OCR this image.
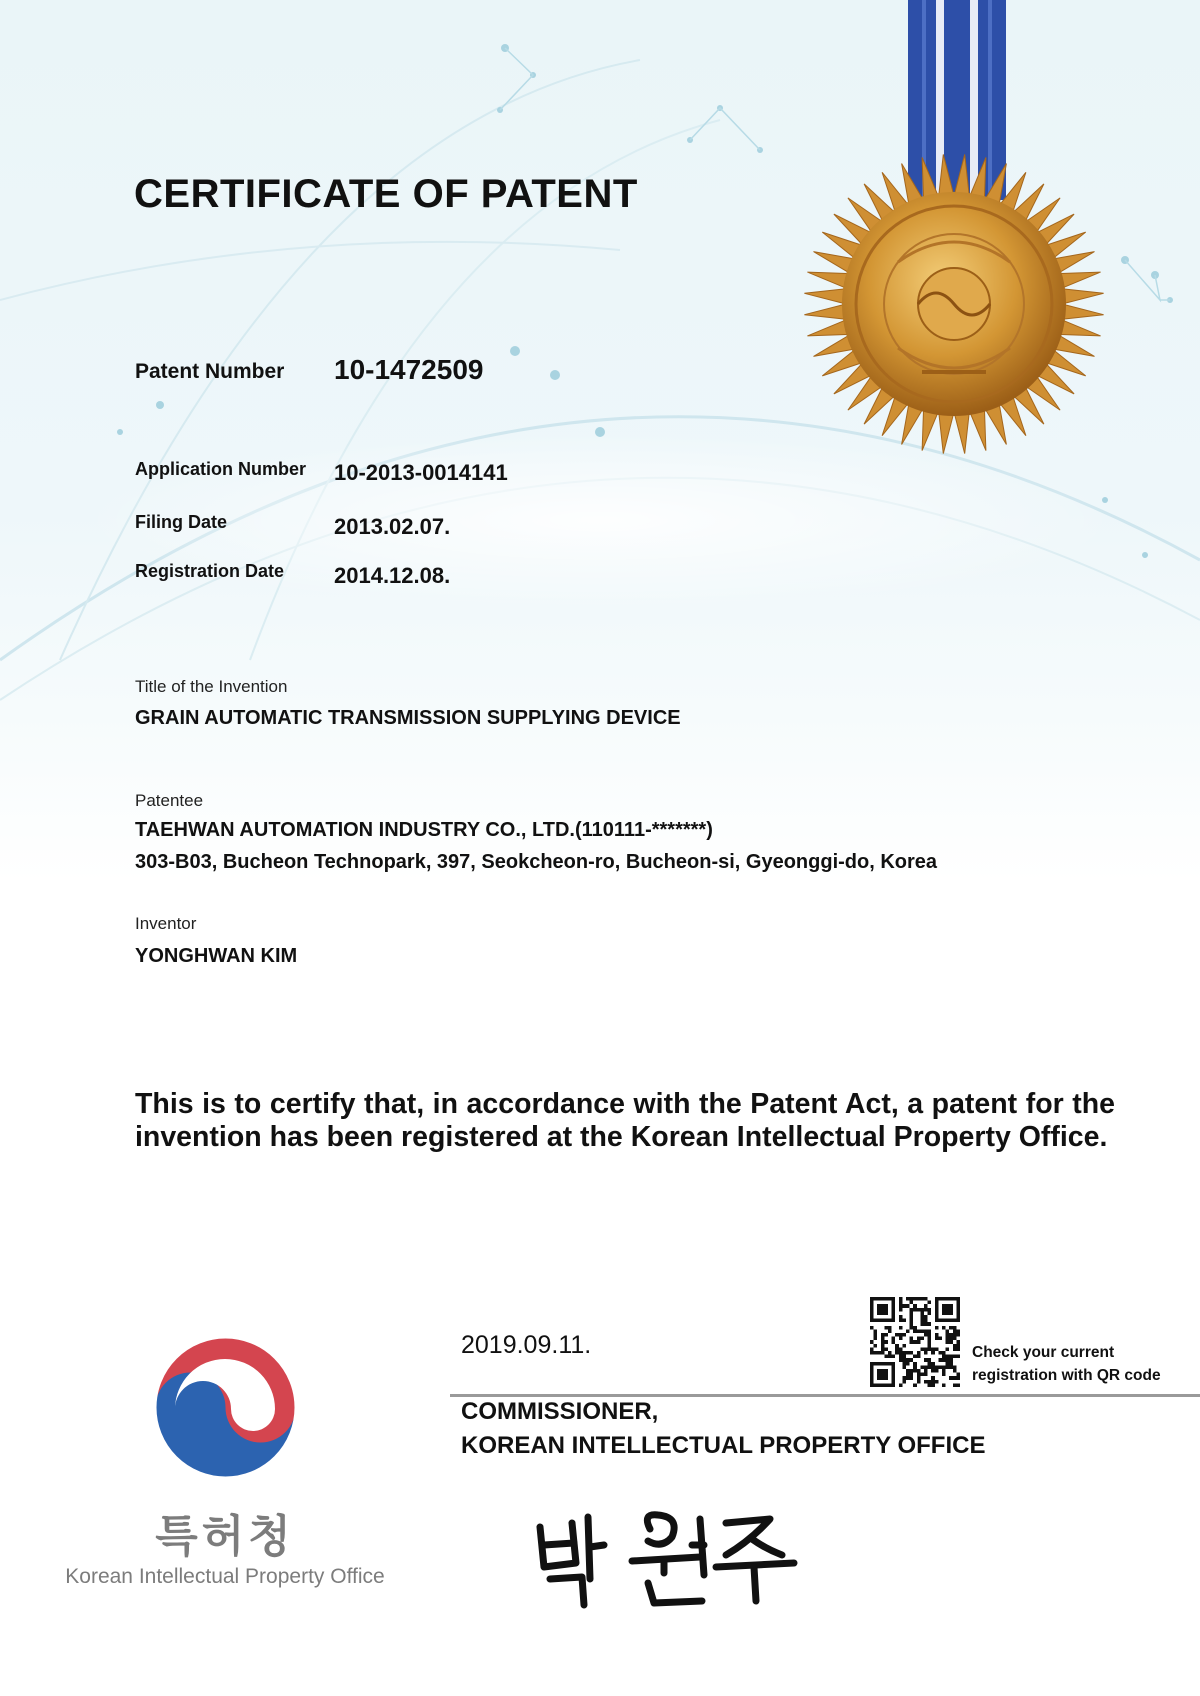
CERTIFICATE OF PATENT
Patent Number 10-1472509
Application Number 10-2013-0014141
Filing Date	2013.02.07.
Registration Date 2014.12.08.
Title of the Invention
GRAIN AUTOMATIC TRANSMISSION SUPPLYING DEVICE
Patentee
TAEHWAN AUTOMATION INDUSTRY CO., LTD.(110111-*******)
303-B03, Bucheon Technopark, 397, Seokcheon-ro, Bucheon-si, Gyeonggi-do, Korea
Inventor
YONGHWAN KIM

This is to certify that, in accordance with the Patent Act, a patent for the invention has been registered at the Korean Intellectual Property Office.

2019.09.11.	Check your current registration with QR code
COMMISSIONER,
KOREAN INTELLECTUAL PROPERTY OFFICE
특허청
Korean Intellectual Property Office
